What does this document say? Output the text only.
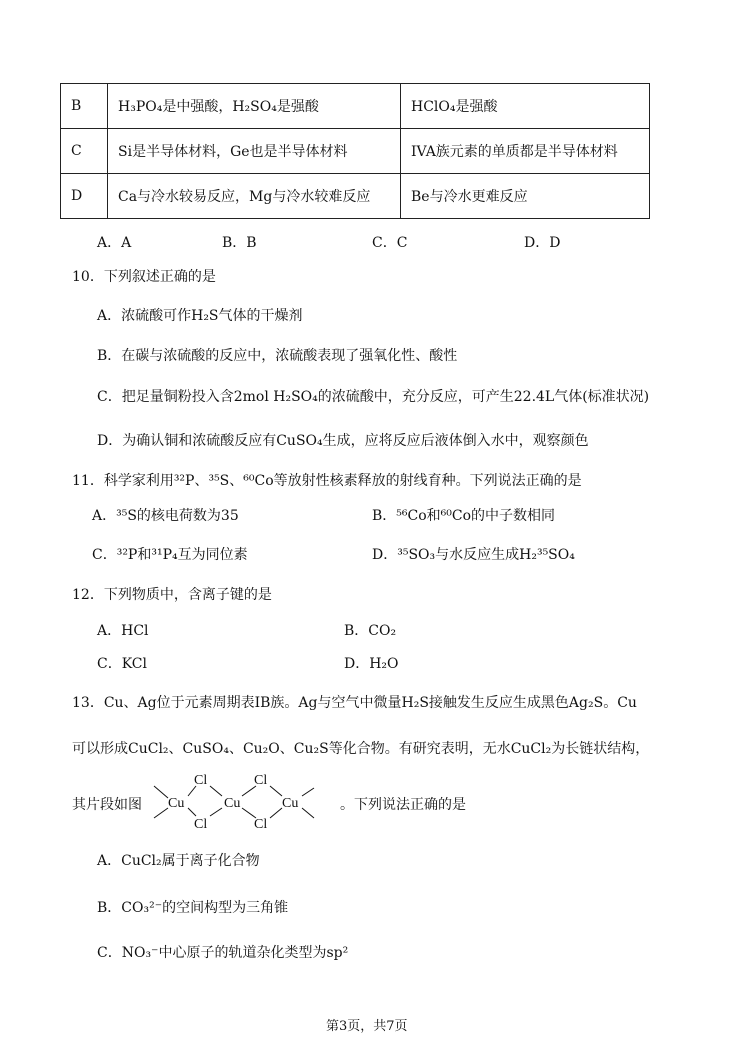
B	H₃PO₄是中强酸，H₂SO₄是强酸	HClO₄是强酸
C	Si是半导体材料，Ge也是半导体材料	IVA族元素的单质都是半导体材料
D	Ca与冷水较易反应，Mg与冷水较难反应	Be与冷水更难反应
A．A	B．B	C．C	D．D
10．下列叙述正确的是
A．浓硫酸可作H₂S气体的干燥剂
B．在碳与浓硫酸的反应中，浓硫酸表现了强氧化性、酸性
C．把足量铜粉投入含2mol H₂SO₄的浓硫酸中，充分反应，可产生22.4L气体(标准状况)
D．为确认铜和浓硫酸反应有CuSO₄生成，应将反应后液体倒入水中，观察颜色
11．科学家利用³²P、³⁵S、⁶⁰Co等放射性核素释放的射线育种。下列说法正确的是
A．³⁵S的核电荷数为35	B．⁵⁶Co和⁶⁰Co的中子数相同
C．³²P和³¹P₄互为同位素	D．³⁵SO₃与水反应生成H₂³⁵SO₄
12．下列物质中，含离子键的是
A．HCl	B．CO₂
C．KCl	D．H₂O
13．Cu、Ag位于元素周期表IB族。Ag与空气中微量H₂S接触发生反应生成黑色Ag₂S。Cu
可以形成CuCl₂、CuSO₄、Cu₂O、Cu₂S等化合物。有研究表明，无水CuCl₂为长链状结构，
其片段如图 Cu
Cl
Cl
Cu
Cl
Cl
Cu	。下列说法正确的是
A．CuCl₂属于离子化合物
B．CO₃²⁻的空间构型为三角锥
C．NO₃⁻中心原子的轨道杂化类型为sp²
第3页，共7页
